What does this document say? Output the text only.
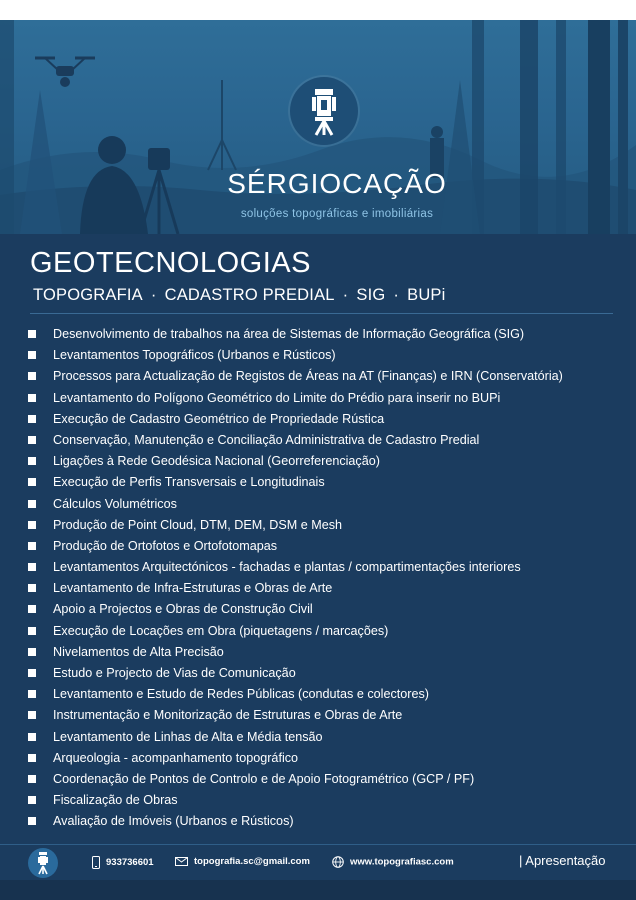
SÉRGIOCAÇÃO
soluções topográficas e imobiliárias
GEOTECNOLOGIAS
TOPOGRAFIA · CADASTRO PREDIAL · SIG · BUPi
Desenvolvimento de trabalhos na área de Sistemas de Informação Geográfica (SIG)
Levantamentos Topográficos (Urbanos e Rústicos)
Processos para Actualização de Registos de Áreas na AT (Finanças) e IRN (Conservatória)
Levantamento do Polígono Geométrico do Limite do Prédio para inserir no BUPi
Execução de Cadastro Geométrico de Propriedade Rústica
Conservação, Manutenção e Conciliação Administrativa de Cadastro Predial
Ligações à Rede Geodésica Nacional (Georreferenciação)
Execução de Perfis Transversais e Longitudinais
Cálculos Volumétricos
Produção de Point Cloud, DTM, DEM, DSM e Mesh
Produção de Ortofotos e Ortofotomapas
Levantamentos Arquitectónicos - fachadas e plantas / compartimentações interiores
Levantamento de Infra-Estruturas e Obras de Arte
Apoio a Projectos e Obras de Construção Civil
Execução de Locações em Obra (piquetagens / marcações)
Nivelamentos de Alta Precisão
Estudo e Projecto de Vias de Comunicação
Levantamento e Estudo de Redes Públicas (condutas e colectores)
Instrumentação e Monitorização de Estruturas e Obras de Arte
Levantamento de Linhas de Alta e Média tensão
Arqueologia - acompanhamento topográfico
Coordenação de Pontos de Controlo e de Apoio Fotogramétrico (GCP / PF)
Fiscalização de Obras
Avaliação de Imóveis (Urbanos e Rústicos)
933736601	topografia.sc@gmail.com	www.topografiasc.com	| Apresentação
